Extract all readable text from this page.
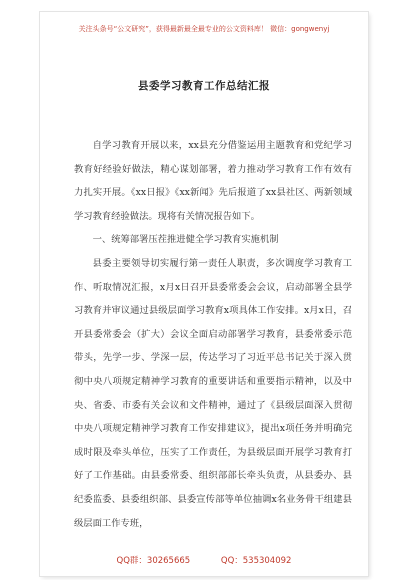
关注头条号“公文研究”，获得最新最全最专业的公文资料库！ 微信：gongwenyj
县委学习教育工作总结汇报

自学习教育开展以来，xx县充分借鉴运用主题教育和党纪学习教育好经验好做法，精心谋划部署，着力推动学习教育工作有效有力扎实开展。《xx日报》《xx新闻》先后报道了xx县社区、两新领域学习教育经验做法。现将有关情况报告如下。

一、统筹部署压茬推进健全学习教育实施机制

县委主要领导切实履行第一责任人职责，多次调度学习教育工作、听取情况汇报，x月x日召开县委常委会会议，启动部署全县学习教育并审议通过县级层面学习教育x项具体工作安排。x月x日，召开县委常委会（扩大）会议全面启动部署学习教育，县委常委示范带头，先学一步、学深一层，传达学习了习近平总书记关于深入贯彻中央八项规定精神学习教育的重要讲话和重要指示精神，以及中央、省委、市委有关会议和文件精神，通过了《县级层面深入贯彻中央八项规定精神学习教育工作安排建议》，提出x项任务并明确完成时限及牵头单位，压实了工作责任，为县级层面开展学习教育打好了工作基础。由县委常委、组织部部长牵头负责，从县委办、县纪委监委、县委组织部、县委宣传部等单位抽调x名业务骨干组建县级层面工作专班，

QQ群：30265665	QQ：535304092
